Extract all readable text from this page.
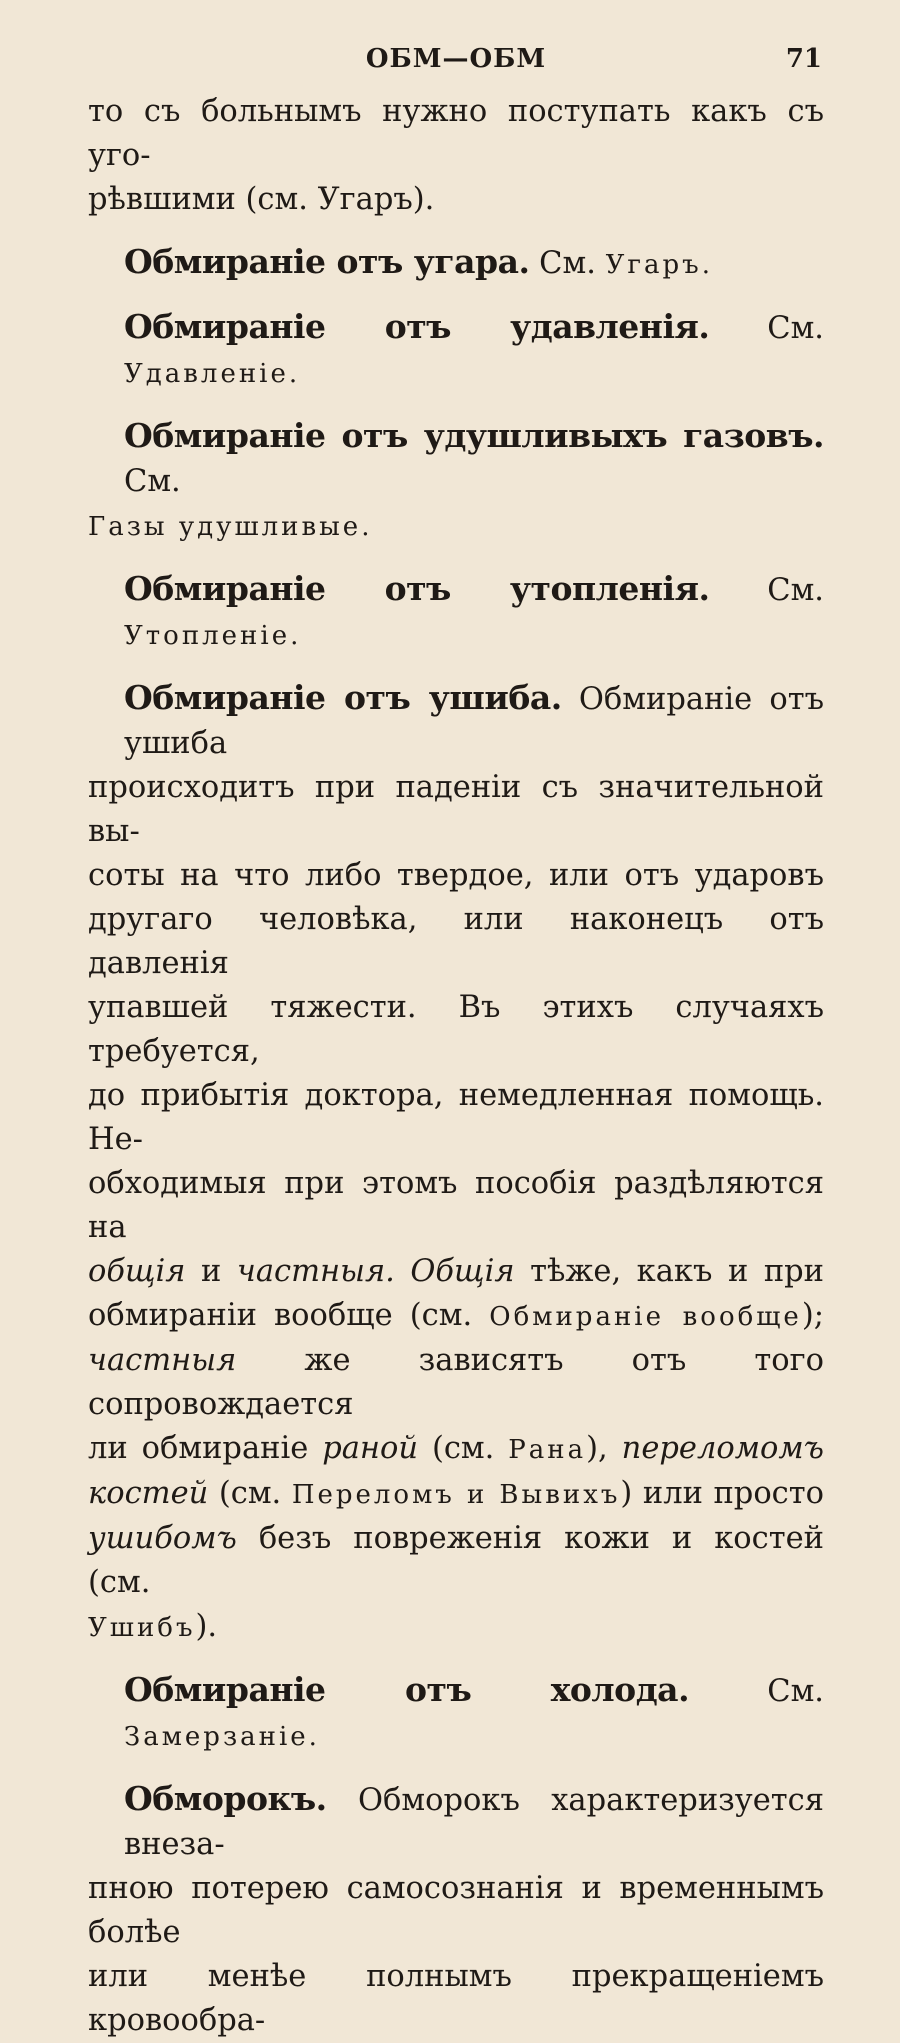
ОБМ—ОБМ	71

то съ больнымъ нужно поступать какъ съ уго-
рѣвшими (см. Угаръ).

Обмираніе отъ угара. См. Угаръ.

Обмираніе отъ удавленія. См. Удавленіе.

Обмираніе отъ удушливыхъ газовъ. См.
Газы удушливые.

Обмираніе отъ утопленія. См. Утопленіе.

Обмираніе отъ ушиба. Обмираніе отъ ушиба
происходитъ при паденіи съ значительной вы-
соты на что либо твердое, или отъ ударовъ
другаго человѣка, или наконецъ отъ давленія
упавшей тяжести. Въ этихъ случаяхъ требуется,
до прибытія доктора, немедленная помощь. Не-
обходимыя при этомъ пособія раздѣляются на
общія и частныя. Общія тѣже, какъ и при
обмираніи вообще (см. Обмираніе вообще);
частныя же зависятъ отъ того сопровождается
ли обмираніе раной (см. Рана), переломомъ
костей (см. Переломъ и Вывихъ) или просто
ушибомъ безъ повреженія кожи и костей (см.
Ушибъ).

Обмираніе отъ холода.	См. Замерзаніе.

Обморокъ. Обморокъ характеризуется внеза-
пною потерею самосознанія и временнымъ болѣе
или менѣе полнымъ прекращеніемъ кровообра-
